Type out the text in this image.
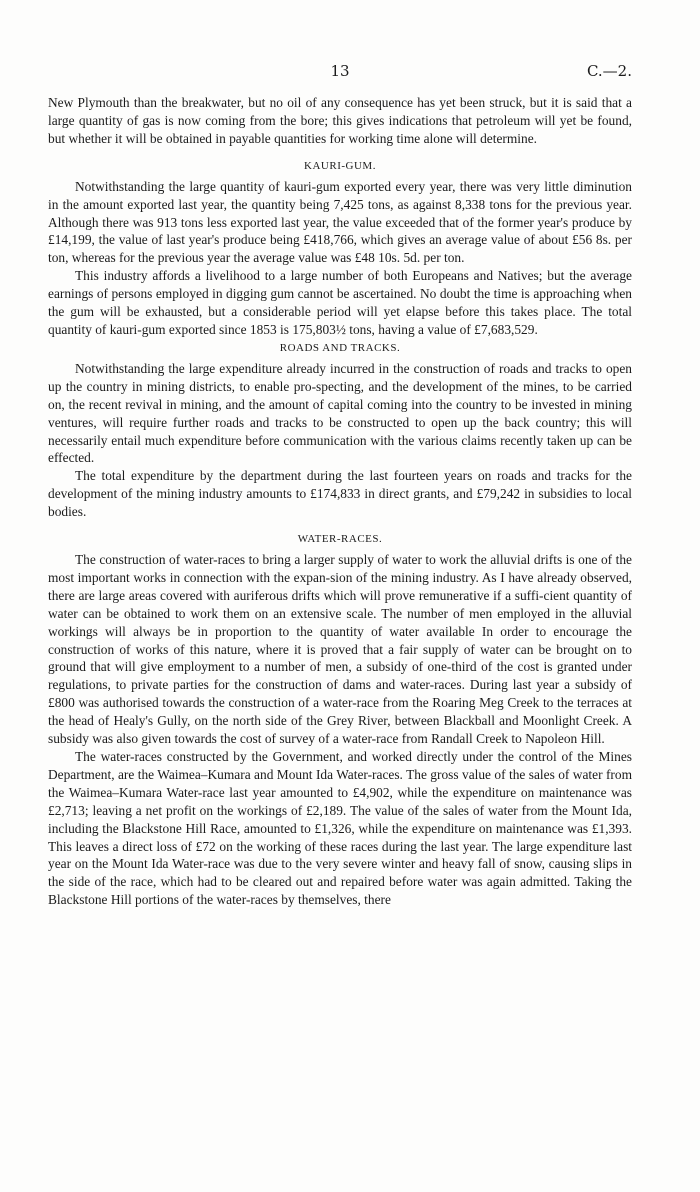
13	C.—2.

New Plymouth than the breakwater, but no oil of any consequence has yet been struck, but it is said that a large quantity of gas is now coming from the bore; this gives indications that petroleum will yet be found, but whether it will be obtained in payable quantities for working time alone will determine.

KAURI-GUM.

Notwithstanding the large quantity of kauri-gum exported every year, there was very little diminution in the amount exported last year, the quantity being 7,425 tons, as against 8,338 tons for the previous year. Although there was 913 tons less exported last year, the value exceeded that of the former year's produce by £14,199, the value of last year's produce being £418,766, which gives an average value of about £56 8s. per ton, whereas for the previous year the average value was £48 10s. 5d. per ton.

This industry affords a livelihood to a large number of both Europeans and Natives; but the average earnings of persons employed in digging gum cannot be ascertained. No doubt the time is approaching when the gum will be exhausted, but a considerable period will yet elapse before this takes place. The total quantity of kauri-gum exported since 1853 is 175,803½ tons, having a value of £7,683,529.

ROADS AND TRACKS.

Notwithstanding the large expenditure already incurred in the construction of roads and tracks to open up the country in mining districts, to enable pro-specting, and the development of the mines, to be carried on, the recent revival in mining, and the amount of capital coming into the country to be invested in mining ventures, will require further roads and tracks to be constructed to open up the back country; this will necessarily entail much expenditure before communication with the various claims recently taken up can be effected.

The total expenditure by the department during the last fourteen years on roads and tracks for the development of the mining industry amounts to £174,833 in direct grants, and £79,242 in subsidies to local bodies.

WATER-RACES.

The construction of water-races to bring a larger supply of water to work the alluvial drifts is one of the most important works in connection with the expan-sion of the mining industry. As I have already observed, there are large areas covered with auriferous drifts which will prove remunerative if a suffi-cient quantity of water can be obtained to work them on an extensive scale. The number of men employed in the alluvial workings will always be in proportion to the quantity of water available In order to encourage the construction of works of this nature, where it is proved that a fair supply of water can be brought on to ground that will give employment to a number of men, a subsidy of one-third of the cost is granted under regulations, to private parties for the construction of dams and water-races. During last year a subsidy of £800 was authorised towards the construction of a water-race from the Roaring Meg Creek to the terraces at the head of Healy's Gully, on the north side of the Grey River, between Blackball and Moonlight Creek. A subsidy was also given towards the cost of survey of a water-race from Randall Creek to Napoleon Hill.

The water-races constructed by the Government, and worked directly under the control of the Mines Department, are the Waimea–Kumara and Mount Ida Water-races. The gross value of the sales of water from the Waimea–Kumara Water-race last year amounted to £4,902, while the expenditure on maintenance was £2,713; leaving a net profit on the workings of £2,189. The value of the sales of water from the Mount Ida, including the Blackstone Hill Race, amounted to £1,326, while the expenditure on maintenance was £1,393. This leaves a direct loss of £72 on the working of these races during the last year. The large expenditure last year on the Mount Ida Water-race was due to the very severe winter and heavy fall of snow, causing slips in the side of the race, which had to be cleared out and repaired before water was again admitted. Taking the Blackstone Hill portions of the water-races by themselves, there
